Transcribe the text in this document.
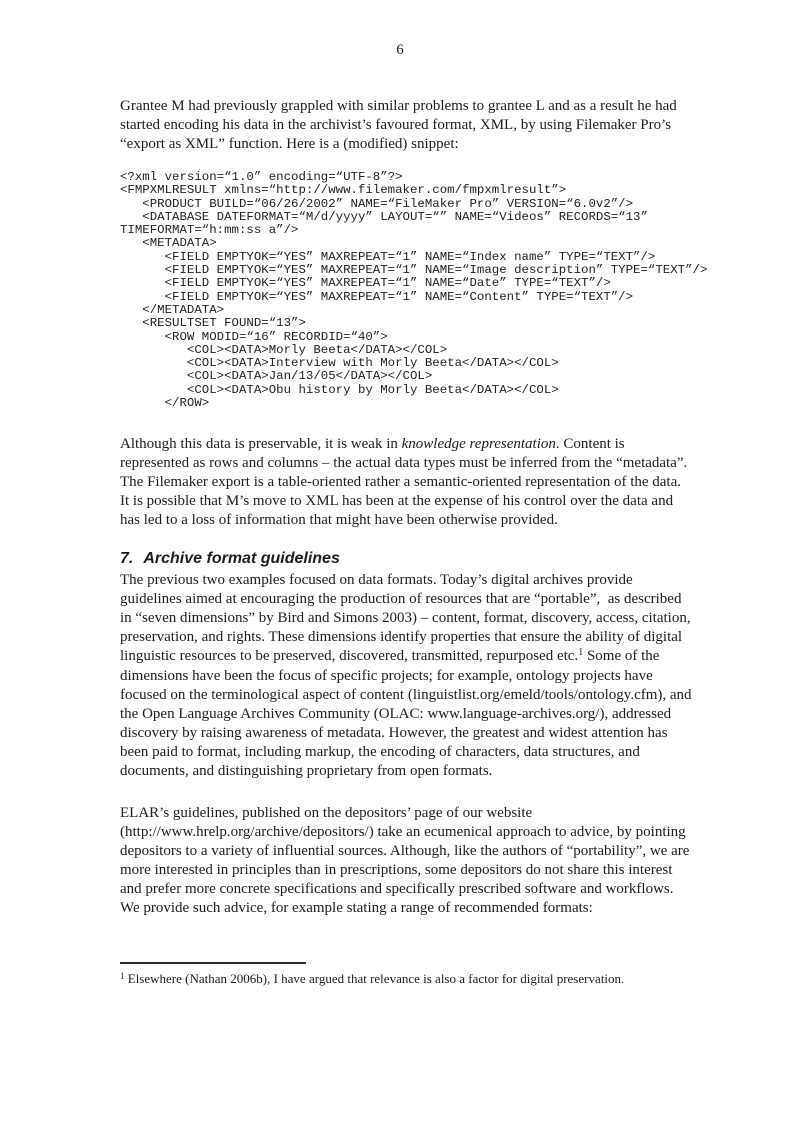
6

Grantee M had previously grappled with similar problems to grantee L and as a result he had started encoding his data in the archivist’s favoured format, XML, by using Filemaker Pro’s “export as XML” function. Here is a (modified) snippet:

<?xml version=“1.0” encoding=“UTF-8”?>
<FMPXMLRESULT xmlns=“http://www.filemaker.com/fmpxmlresult”>
<PRODUCT BUILD=“06/26/2002” NAME=“FileMaker Pro” VERSION=“6.0v2”/>
<DATABASE DATEFORMAT=“M/d/yyyy” LAYOUT=“” NAME=“Videos” RECORDS=“13”
TIMEFORMAT=“h:mm:ss a”/>
<METADATA>
<FIELD EMPTYOK=“YES” MAXREPEAT=“1” NAME=“Index name” TYPE=“TEXT”/>
<FIELD EMPTYOK=“YES” MAXREPEAT=“1” NAME=“Image description” TYPE=“TEXT”/>
<FIELD EMPTYOK=“YES” MAXREPEAT=“1” NAME=“Date” TYPE=“TEXT”/>
<FIELD EMPTYOK=“YES” MAXREPEAT=“1” NAME=“Content” TYPE=“TEXT”/>
</METADATA>
<RESULTSET FOUND=“13”>
<ROW MODID=“16” RECORDID=“40”>
<COL><DATA>Morly Beeta</DATA></COL>
<COL><DATA>Interview with Morly Beeta</DATA></COL>
<COL><DATA>Jan/13/05</DATA></COL>
<COL><DATA>Obu history by Morly Beeta</DATA></COL>
</ROW>

Although this data is preservable, it is weak in knowledge representation. Content is represented as rows and columns – the actual data types must be inferred from the “metadata”.  The Filemaker export is a table-oriented rather a semantic-oriented representation of the data. It is possible that M’s move to XML has been at the expense of his control over the data and has led to a loss of information that might have been otherwise provided.

7. Archive format guidelines

The previous two examples focused on data formats. Today’s digital archives provide guidelines aimed at encouraging the production of resources that are “portable”,  as described in “seven dimensions” by Bird and Simons 2003) – content, format, discovery, access, citation, preservation, and rights. These dimensions identify properties that ensure the ability of digital linguistic resources to be preserved, discovered, transmitted, repurposed etc.$^1$ Some of the dimensions have been the focus of specific projects; for example, ontology projects have focused on the terminological aspect of content (linguistlist.org/emeld/tools/ontology.cfm), and the Open Language Archives Community (OLAC: www.language-archives.org/), addressed discovery by raising awareness of metadata. However, the greatest and widest attention has been paid to format, including markup, the encoding of characters, data structures, and documents, and distinguishing proprietary from open formats.

ELAR’s guidelines, published on the depositors’ page of our website (http://www.hrelp.org/archive/depositors/) take an ecumenical approach to advice, by pointing depositors to a variety of influential sources. Although, like the authors of “portability”, we are more interested in principles than in prescriptions, some depositors do not share this interest and prefer more concrete specifications and specifically prescribed software and workflows. We provide such advice, for example stating a range of recommended formats:

$^1$ Elsewhere (Nathan 2006b), I have argued that relevance is also a factor for digital preservation.
